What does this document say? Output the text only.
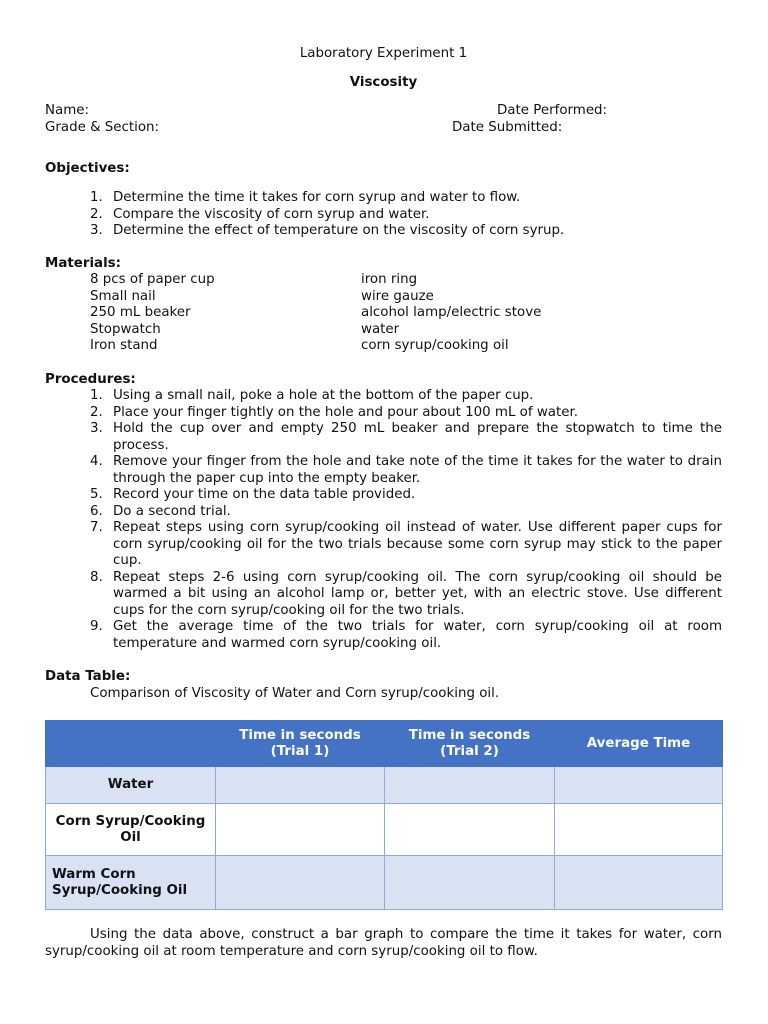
Laboratory Experiment 1
Viscosity
Name:	Date Performed:
Grade & Section:	Date Submitted:
Objectives:
1. Determine the time it takes for corn syrup and water to flow.
2. Compare the viscosity of corn syrup and water.
3. Determine the effect of temperature on the viscosity of corn syrup.
Materials:
8 pcs of paper cup	iron ring
Small nail	wire gauze
250 mL beaker	alcohol lamp/electric stove
Stopwatch	water
Iron stand	corn syrup/cooking oil
Procedures:
1. Using a small nail, poke a hole at the bottom of the paper cup.
2. Place your finger tightly on the hole and pour about 100 mL of water.
3. Hold the cup over and empty 250 mL beaker and prepare the stopwatch to time the process.
4. Remove your finger from the hole and take note of the time it takes for the water to drain through the paper cup into the empty beaker.
5. Record your time on the data table provided.
6. Do a second trial.
7. Repeat steps using corn syrup/cooking oil instead of water. Use different paper cups for corn syrup/cooking oil for the two trials because some corn syrup may stick to the paper cup.
8. Repeat steps 2-6 using corn syrup/cooking oil. The corn syrup/cooking oil should be warmed a bit using an alcohol lamp or, better yet, with an electric stove. Use different cups for the corn syrup/cooking oil for the two trials.
9. Get the average time of the two trials for water, corn syrup/cooking oil at room temperature and warmed corn syrup/cooking oil.
Data Table:
Comparison of Viscosity of Water and Corn syrup/cooking oil.
	Time in seconds (Trial 1)	Time in seconds (Trial 2)	Average Time
Water			
Corn Syrup/Cooking Oil			
Warm Corn Syrup/Cooking Oil			
Using the data above, construct a bar graph to compare the time it takes for water, corn syrup/cooking oil at room temperature and corn syrup/cooking oil to flow.
